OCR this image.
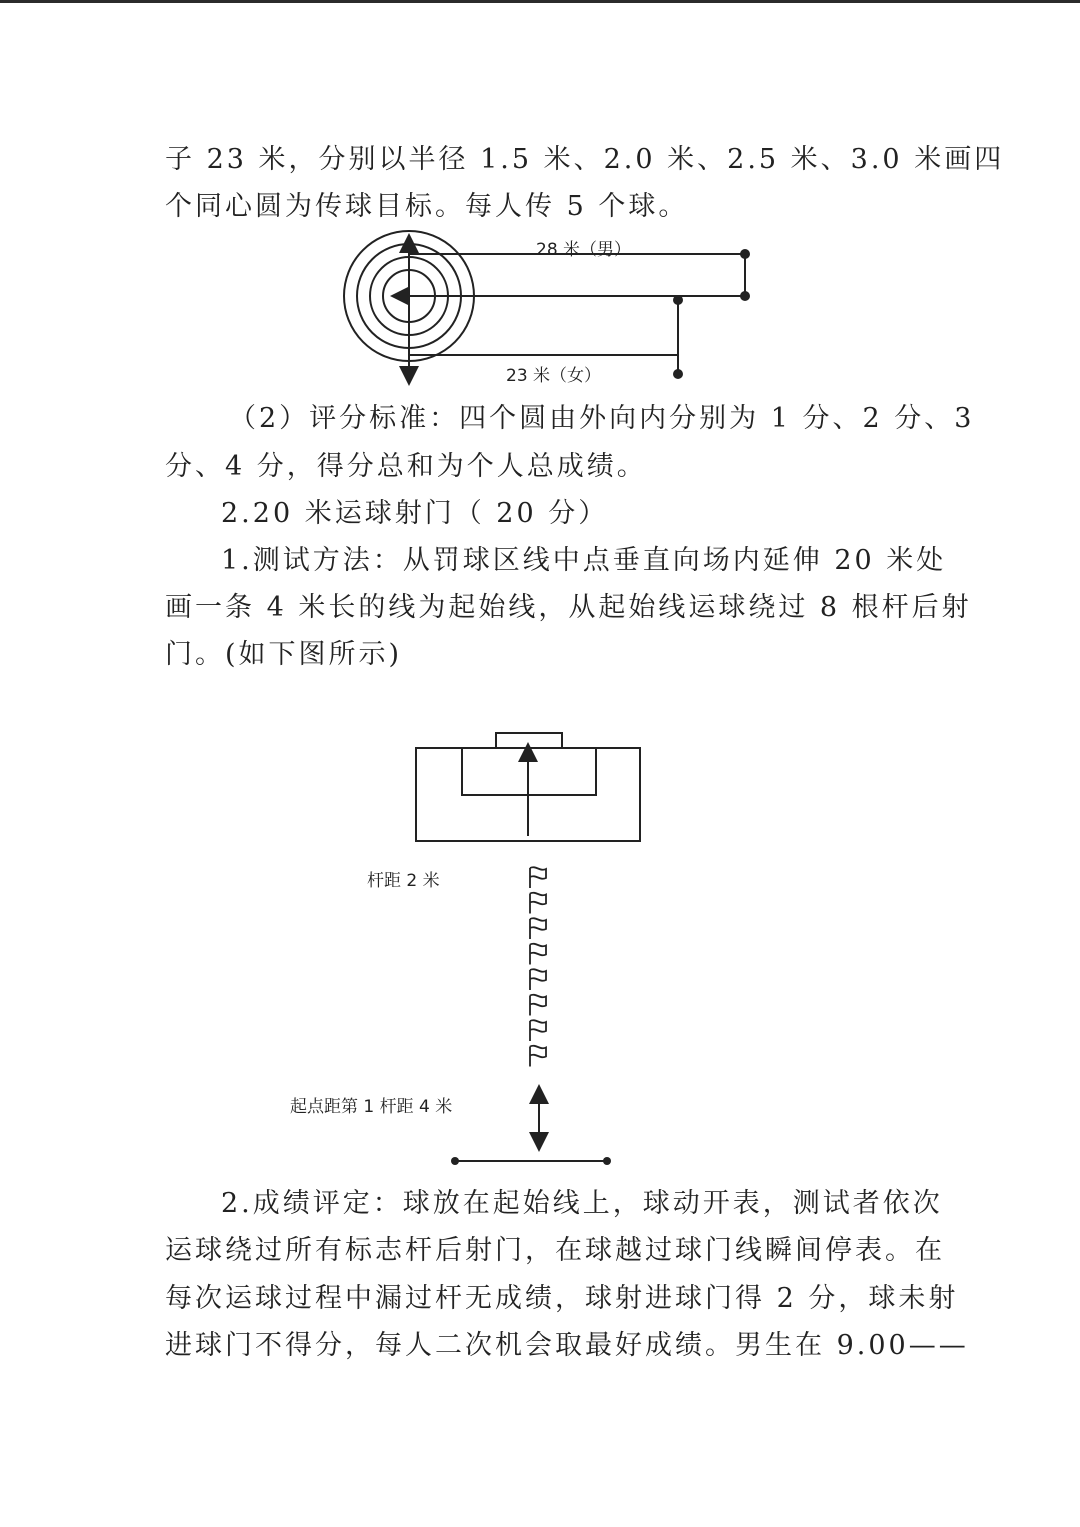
子 23 米，分别以半径 1.5 米、2.0 米、2.5 米、3.0 米画四
个同心圆为传球目标。每人传 5 个球。
28 米（男）
23 米（女）
（2）评分标准：四个圆由外向内分别为 1 分、2 分、3
分、4 分，得分总和为个人总成绩。
2.20 米运球射门（ 20 分）
1.测试方法：从罚球区线中点垂直向场内延伸 20 米处
画一条 4 米长的线为起始线，从起始线运球绕过 8 根杆后射
门。(如下图所示)
杆距 2 米
起点距第 1 杆距 4 米
2.成绩评定：球放在起始线上，球动开表，测试者依次
运球绕过所有标志杆后射门，在球越过球门线瞬间停表。在
每次运球过程中漏过杆无成绩，球射进球门得 2 分，球未射
进球门不得分，每人二次机会取最好成绩。男生在 9.00——
